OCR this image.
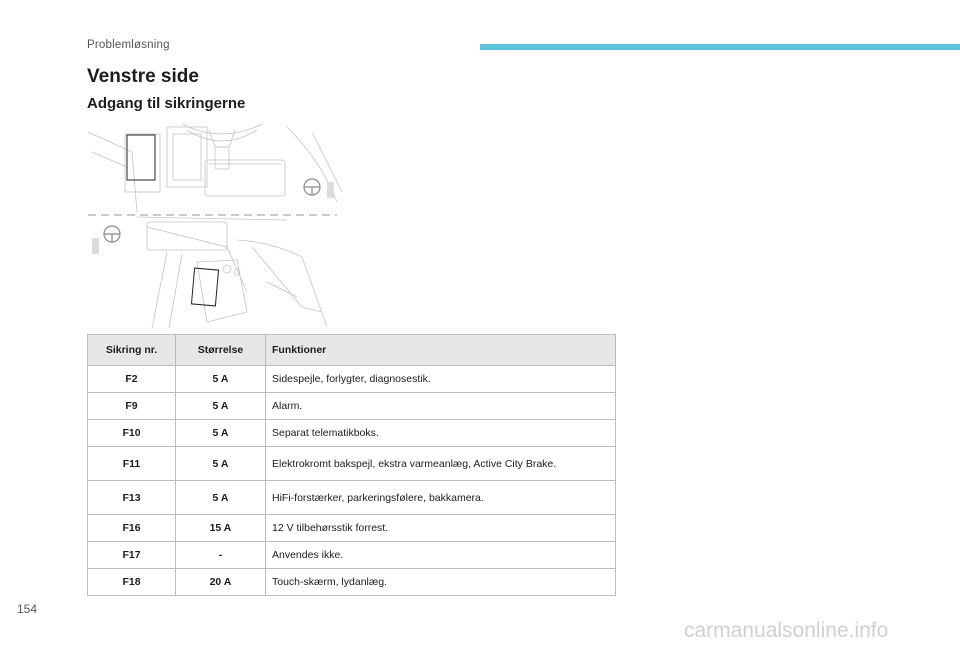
Problemløsning
Venstre side
Adgang til sikringerne
Sikring nr.	Størrelse	Funktioner
F2	5 A	Sidespejle, forlygter, diagnosestik.
F9	5 A	Alarm.
F10	5 A	Separat telematikboks.
F11	5 A	Elektrokromt bakspejl, ekstra varmeanlæg, Active City Brake.
F13	5 A	HiFi-forstærker, parkeringsfølere, bakkamera.
F16	15 A	12 V tilbehørsstik forrest.
F17	-	Anvendes ikke.
F18	20 A	Touch-skærm, lydanlæg.
154
carmanualsonline.info
